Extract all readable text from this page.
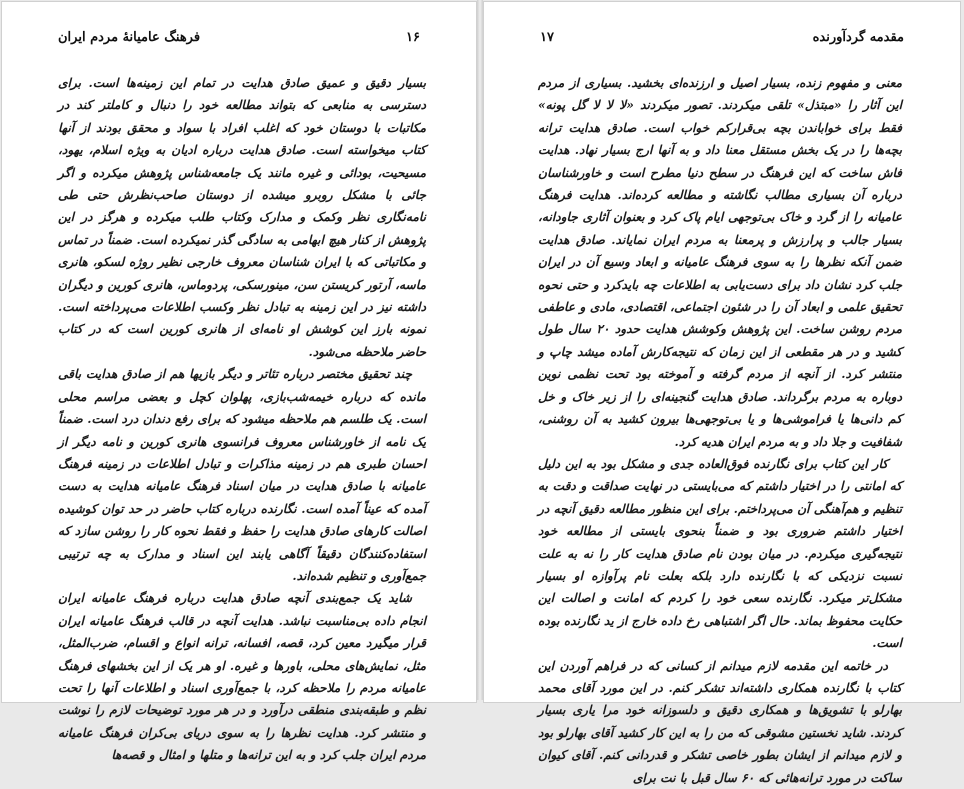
فرهنگ عامیانهٔ مردم ایران	۱۶

بسیار دقیق و عمیق صادق هدایت در تمام این زمینه‌ها است. برای دسترسی به منابعی که بتواند مطالعه خود را دنبال و کاملتر کند در مکاتبات با دوستان خود که اغلب افراد با سواد و محقق بودند از آنها کتاب میخواسته است. صادق هدایت درباره ادیان به ویژه اسلام، یهود، مسیحیت، بودائی و غیره مانند یک جامعه‌شناس پژوهش میکرده و اگر جائی با مشکل روبرو میشده از دوستان صاحب‌نظرش حتی طی نامه‌نگاری نظر وکمک و مدارک وکتاب طلب میکرده و هرگز در این پژوهش از کنار هیچ ابهامی به سادگی گذر نمیکرده است. ضمناً در تماس و مکاتباتی که با ایران شناسان معروف خارجی نظیر روژه لسکو، هانری ماسه، آرتور کریستن سن، مینورسکی، پردوماس، هانری کورین و دیگران داشته نیز در این زمینه به تبادل نظر وکسب اطلاعات می‌پرداخته است. نمونه بارز این کوشش او نامه‌ای از هانری کورین است که در کتاب حاضر ملاحظه می‌شود.

چند تحقیق مختصر درباره تئاتر و دیگر بازیها هم از صادق هدایت باقی مانده که درباره خیمه‌شب‌بازی، پهلوان کچل و بعضی مراسم محلی است. یک طلسم هم ملاحظه میشود که برای رفع دندان درد است. ضمناً یک نامه از خاورشناس معروف فرانسوی هانری کورین و نامه دیگر از احسان طبری هم در زمینه مذاکرات و تبادل اطلاعات در زمینه فرهنگ عامیانه با صادق هدایت در میان اسناد فرهنگ عامیانه هدایت به دست آمده که عیناً آمده است. نگارنده درباره کتاب حاضر در حد توان کوشیده اصالت کارهای صادق هدایت را حفظ و فقط نحوه کار را روشن سازد که استفاده‌کنندگان دقیقاً آگاهی یابند این اسناد و مدارک به چه ترتیبی جمع‌آوری و تنظیم شده‌اند.

شاید یک جمع‌بندی آنچه صادق هدایت درباره فرهنگ عامیانه ایران انجام داده بی‌مناسبت نباشد. هدایت آنچه در قالب فرهنگ عامیانه ایران قرار میگیرد معین کرد، قصه، افسانه، ترانه انواع و اقسام، ضرب‌المثل، مثل، نمایش‌های محلی، باورها و غیره. او هر یک از این بخشهای فرهنگ عامیانه مردم را ملاحظه کرد، با جمع‌آوری اسناد و اطلاعات آنها را تحت نظم و طبقه‌بندی منطقی درآورد و در هر مورد توضیحات لازم را نوشت و منتشر کرد. هدایت نظرها را به سوی دریای بی‌کران فرهنگ عامیانه مردم ایران جلب کرد و به این ترانه‌ها و متلها و امثال و قصه‌ها

مقدمه گردآورنده
۱۷

معنی و مفهوم زنده، بسیار اصیل و ارزنده‌ای بخشید. بسیاری از مردم این آثار را «مبتذل» تلقی میکردند. تصور میکردند «لا لا لا گل پونه» فقط برای خواباندن بچه بی‌قرارکم خواب است. صادق هدایت ترانه بچه‌ها را در یک بخش مستقل معنا داد و به آنها ارج بسیار نهاد. هدایت فاش ساخت که این فرهنگ در سطح دنیا مطرح است و خاورشناسان درباره آن بسیاری مطالب نگاشته و مطالعه کرده‌اند. هدایت فرهنگ عامیانه را از گرد و خاک بی‌توجهی ایام پاک کرد و بعنوان آثاری جاودانه، بسیار جالب و پرارزش و پرمعنا به مردم ایران نمایاند. صادق هدایت ضمن آنکه نظرها را به سوی فرهنگ عامیانه و ابعاد وسیع آن در ایران جلب کرد نشان داد برای دست‌یابی به اطلاعات چه بایدکرد و حتی نحوه تحقیق علمی و ابعاد آن را در شئون اجتماعی، اقتصادی، مادی و عاطفی مردم روشن ساخت. این پژوهش وکوشش هدایت حدود ۲۰ سال طول کشید و در هر مقطعی از این زمان که نتیجه‌کارش آماده میشد چاپ و منتشر کرد. از آنچه از مردم گرفته و آموخته بود تحت نظمی نوین دوباره به مردم برگرداند. صادق هدایت گنجینه‌ای را از زیر خاک و خل کم دانی‌ها یا فراموشی‌ها و یا بی‌توجهی‌ها بیرون کشید به آن روشنی، شفافیت و جلا داد و به مردم ایران هدیه کرد.

کار این کتاب برای نگارنده فوق‌العاده جدی و مشکل بود به این دلیل که امانتی را در اختیار داشتم که می‌بایستی در نهایت صداقت و دقت به تنظیم و هم‌آهنگی آن می‌پرداختم. برای این منظور مطالعه دقیق آنچه در اختیار داشتم ضروری بود و ضمناً بنحوی بایستی از مطالعه خود نتیجه‌گیری میکردم. در میان بودن نام صادق هدایت کار را نه به علت نسبت نزدیکی که با نگارنده دارد بلکه بعلت نام پرآوازه او بسیار مشکل‌تر میکرد. نگارنده سعی خود را کردم که امانت و اصالت این حکایت محفوظ بماند. حال اگر اشتباهی رخ داده خارج از ید نگارنده بوده است.

در خاتمه این مقدمه لازم میدانم از کسانی که در فراهم آوردن این کتاب با نگارنده همکاری داشته‌اند تشکر کنم. در این مورد آقای محمد بهارلو با تشویق‌ها و همکاری دقیق و دلسوزانه خود مرا یاری بسیار کردند. شاید نخستین مشوقی که من را به این کار کشید آقای بهارلو بود و لازم میدانم از ایشان بطور خاصی تشکر و قدردانی کنم. آقای کیوان ساکت در مورد ترانه‌هائی که ۶۰ سال قبل با نت برای
